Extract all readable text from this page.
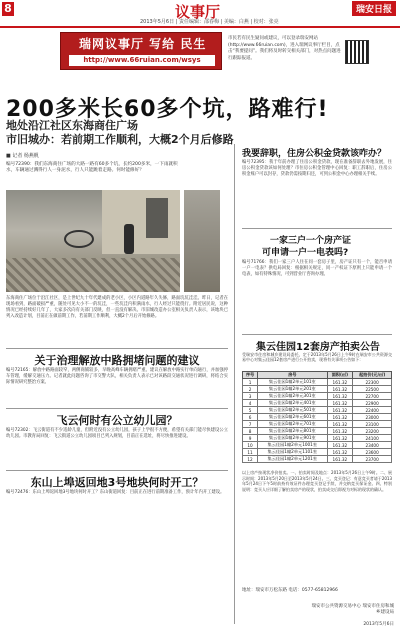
8	议事厅
2013年5月6日 | 责任编辑：邵春梅 | 美编：白燕 | 校对：张亮
瑞安日报
瑞网议事厅 写给 民生
http://www.66ruian.com/wsys
市民若有民生疑问或建议，可以登录瑞安网站(http://www.66ruian.com)，进入瑞网议事厅栏目，点击“我要提问”。我们将及时转交相关部门，对热点问题进行跟踪报道。
200多米长60多个坑，路难行!
地处沿江社区东海商住广场
市旧城办：若前期工作顺利，大概2个月后修路
■ 记者 杨燕帆
编号72390：我们东海商住广场的大路一路有60多个坑，长约200多米，一下雨就积水，车辆通过溅得行人一身泥水，行人只能跳着走路。何时能修好？
东海商住广场位于沿江社区，是上世纪九十年代建成的老小区，小区内道路年久失修，路面坑坑洼洼。昨日，记者在现场看到，路面破损严重，随处可见大小不一的坑洼，一些坑洼内积满雨水，行人经过只能绕行。附近居民说，这种情况已经持续好几年了，大家多次向有关部门反映，但一直没有解决。市旧城改造办公室相关负责人表示，该地块已列入改造计划，目前正在做前期工作，若前期工作顺利，大概2个月后开始修路。
关于治理解放中路拥堵问题的建议
编号72165：解放中路路面较窄，两侧商铺较多，早晚高峰车辆拥堵严重。建议在解放中路实行单向通行，并加强停车管理，缓解交通压力。记者就此问题咨询了市交警大队，相关负责人表示已对该路段交通状况进行调研，将结合实际情况研究整治方案。
飞云何时有公立幼儿园？
编号72302：飞云街道有不少适龄儿童，但附近没有公立幼儿园，孩子上学很不方便，希望有关部门能尽快建设公立幼儿园。市教育局回复：飞云街道公立幼儿园项目已列入规划，目前正在选址，将尽快推进建设。
东山上埠返回地3号地块何时开工？
编号72476：东山上埠返回地3号地块何时开工？东山街道回复：目前正在进行前期准备工作，预计年内开工建设。
我要辞职，住房公积金贷款该咋办？
编号72395：我于年前办理了住房公积金贷款，现在准备辞职去外地发展，住房公积金贷款该如何处理？市住房公积金管理中心回复：职工辞职后，住房公积金账户可以封存，贷款仍需按期归还，可到公积金中心办理相关手续。
一家三户一个房产证
可申请一户一电表吗?
编号71766：我们一家三户人住在同一套房子里，房产证只有一个，能否申请一户一电表？供电局回复：根据相关规定，同一产权证下原则上只能申请一个电表，如有特殊情况，可到营业厅咨询办理。
集云佳园12套房产拍卖公告
受瑞安市住房和城乡建设局委托，定于2013年5月26日上午9时在瑞安市公共资源交易中心对集云佳园12套房产进行公开拍卖，现将有关事项公告如下：
序号	房号	面积(㎡)	起拍价(元/㎡)
1	集云佳园1幢2单元101室	161.32	22300
2	集云佳园1幢2单元201室	161.32	22500
3	集云佳园1幢2单元301室	161.32	22700
4	集云佳园1幢2单元401室	161.32	22900
5	集云佳园1幢2单元501室	161.32	22400
6	集云佳园1幢2单元601室	161.32	23000
7	集云佳园1幢2单元701室	161.32	23100
8	集云佳园1幢2单元801室	161.32	23200
9	集云佳园1幢2单元901室	161.32	24100
10	集云佳园1幢2单元1001室	161.32	23400
11	集云佳园1幢2单元1101室	161.32	23600
12	集云佳园1幢2单元1201室	161.32	23700
以上房产按现状净价拍卖。一、拍卖时间及地点：2013年5月26日上午9时。二、展示时间：2013年5月20日至2013年5月24日。三、竞买登记：有意竞买者请于2013年5月24日下午5时前持有效证件办理竞买登记手续，并交纳竞买保证金。四、特别说明：竞买人应详细了解拍卖房产的现状，拍卖成交后即视为对标的现状的确认。
地址：瑞安市万松东路 电话：0577-65812966
瑞安市公共资源交易中心 瑞安市住房和城乡建设局
2013年5月6日
